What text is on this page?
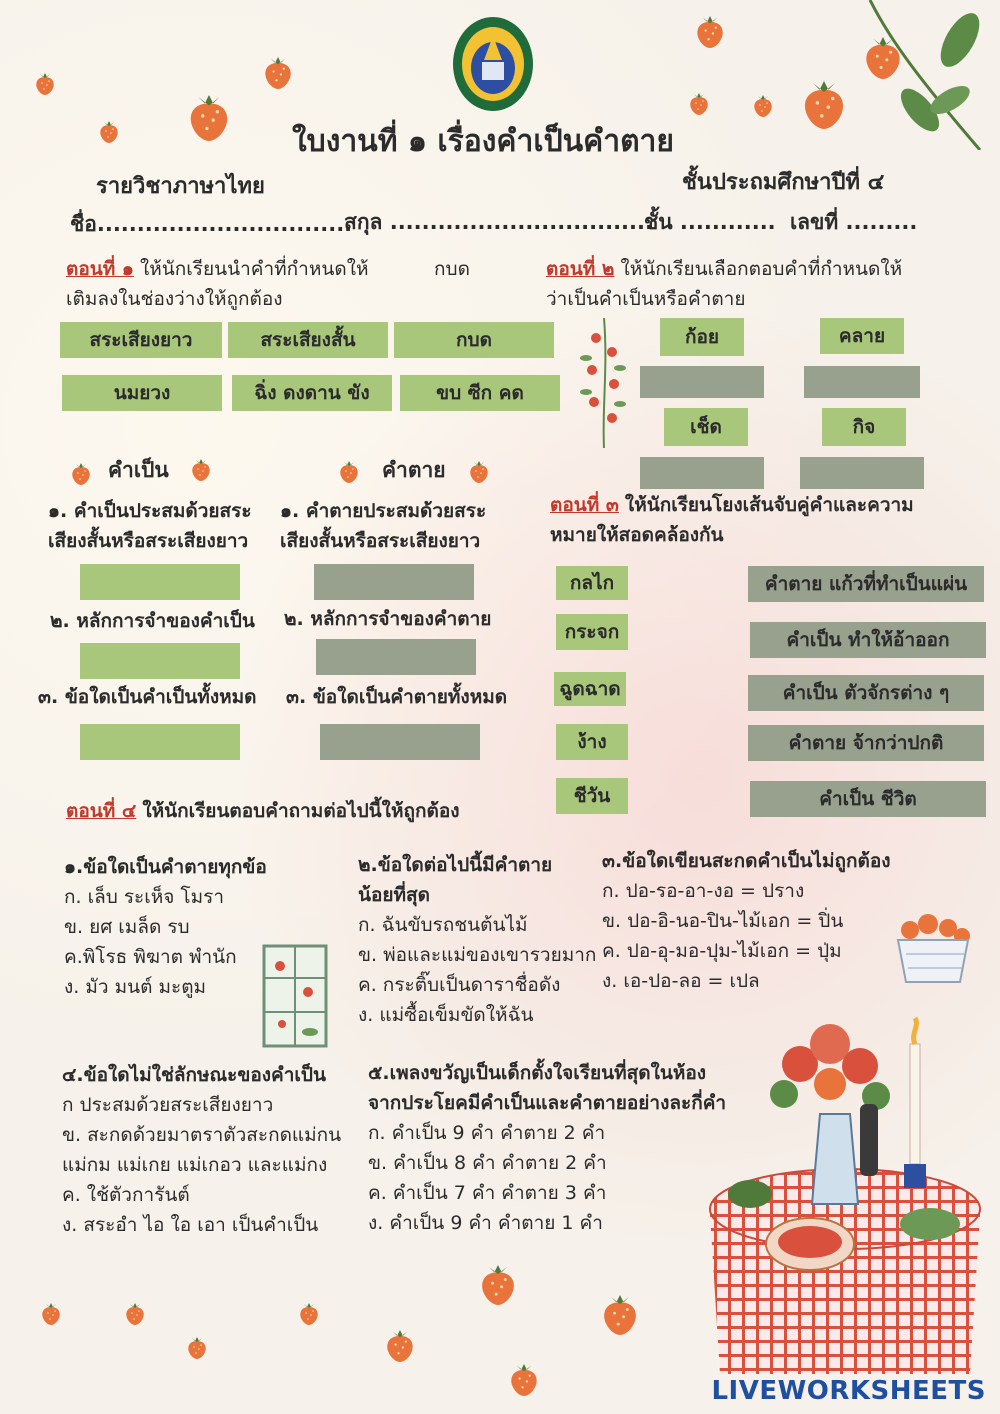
ใบงานที่ ๑ เรื่องคำเป็นคำตาย
รายวิชาภาษาไทย	ชั้นประถมศึกษาปีที่ ๔
ชื่อ................................
สกุล .................................
ชั้น ............ เลขที่ .........
ตอนที่ ๑ ให้นักเรียนนำคำที่กำหนดให้	กบด
เติมลงในช่องว่างให้ถูกต้อง
สระเสียงยาว	สระเสียงสั้น	กบด
นมยวง	ฉิ่ง ดงดาน ขัง	ขบ ซีก คด
คำเป็น	คำตาย
๑. คำเป็นประสมด้วยสระ
เสียงสั้นหรือสระเสียงยาว
๒. หลักการจำของคำเป็น
๓. ข้อใดเป็นคำเป็นทั้งหมด
๑. คำตายประสมด้วยสระ
เสียงสั้นหรือสระเสียงยาว
๒. หลักการจำของคำตาย
๓. ข้อใดเป็นคำตายทั้งหมด
ตอนที่ ๒ ให้นักเรียนเลือกตอบคำที่กำหนดให้
ว่าเป็นคำเป็นหรือคำตาย
ก้อย	คลาย
เช็ด	กิจ
ตอนที่ ๓ ให้นักเรียนโยงเส้นจับคู่คำและความ
หมายให้สอดคล้องกัน
กลไก
กระจก
ฉูดฉาด
ง้าง
ชีวัน
คำตาย แก้วที่ทำเป็นแผ่น
คำเป็น ทำให้อ้าออก
คำเป็น ตัวจักรต่าง ๆ
คำตาย จ้ากว่าปกติ
คำเป็น ชีวิต
ตอนที่ ๔ ให้นักเรียนตอบคำถามต่อไปนี้ให้ถูกต้อง
๑.ข้อใดเป็นคำตายทุกข้อ
ก. เล็บ ระเห็จ โมรา
ข. ยศ เมล็ด รบ
ค.พิโรธ พิฆาต พำนัก
ง. มัว มนต์ มะตูม
๒.ข้อใดต่อไปนี้มีคำตาย
น้อยที่สุด
ก. ฉันขับรถชนต้นไม้
ข. พ่อและแม่ของเขารวยมาก
ค. กระติ๊บเป็นดาราชื่อดัง
ง. แม่ซื้อเข็มขัดให้ฉัน
๓.ข้อใดเขียนสะกดคำเป็นไม่ถูกต้อง
ก. ปอ-รอ-อา-งอ = ปราง
ข. ปอ-อิ-นอ-ปิน-ไม้เอก = ปิ่น
ค. ปอ-อุ-มอ-ปุม-ไม้เอก = ปุ่ม
ง. เอ-ปอ-ลอ = เปล
๔.ข้อใดไม่ใช่ลักษณะของคำเป็น
ก ประสมด้วยสระเสียงยาว
ข. สะกดด้วยมาตราตัวสะกดแม่กน
แม่กม แม่เกย แม่เกอว และแม่กง
ค. ใช้ตัวการันต์
ง. สระอำ ไอ ใอ เอา เป็นคำเป็น
๕.เพลงขวัญเป็นเด็กตั้งใจเรียนที่สุดในห้อง
จากประโยคมีคำเป็นและคำตายอย่างละกี่คำ
ก. คำเป็น 9 คำ คำตาย 2 คำ
ข. คำเป็น 8 คำ คำตาย 2 คำ
ค. คำเป็น 7 คำ คำตาย 3 คำ
ง. คำเป็น 9 คำ คำตาย 1 คำ
LIVEWORKSHEETS
